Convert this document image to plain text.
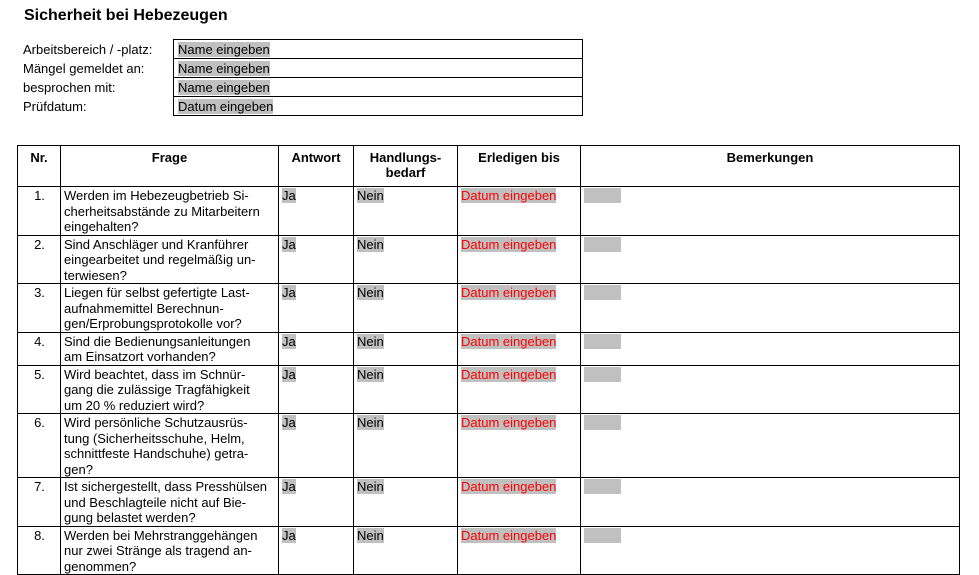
Sicherheit bei Hebezeugen
Arbeitsbereich / -platz:	Name eingeben
Mängel gemeldet an:	Name eingeben
besprochen mit:	Name eingeben
Prüfdatum:	Datum eingeben
Nr.	Frage	Antwort	Handlungs-
bedarf	Erledigen bis	Bemerkungen
1.	Werden im Hebezeugbetrieb Si-
cherheitsabstände zu Mitarbeitern
eingehalten?	Ja	Nein	Datum eingeben	
2.	Sind Anschläger und Kranführer
eingearbeitet und regelmäßig un-
terwiesen?	Ja	Nein	Datum eingeben	
3.	Liegen für selbst gefertigte Last-
aufnahmemittel Berechnun-
gen/Erprobungsprotokolle vor?	Ja	Nein	Datum eingeben	
4.	Sind die Bedienungsanleitungen
am Einsatzort vorhanden?	Ja	Nein	Datum eingeben	
5.	Wird beachtet, dass im Schnür-
gang die zulässige Tragfähigkeit
um 20 % reduziert wird?	Ja	Nein	Datum eingeben	
6.	Wird persönliche Schutzausrüs-
tung (Sicherheitsschuhe, Helm,
schnittfeste Handschuhe) getra-
gen?	Ja	Nein	Datum eingeben	
7.	Ist sichergestellt, dass Presshülsen
und Beschlagteile nicht auf Bie-
gung belastet werden?	Ja	Nein	Datum eingeben	
8.	Werden bei Mehrstranggehängen
nur zwei Stränge als tragend an-
genommen?	Ja	Nein	Datum eingeben	
